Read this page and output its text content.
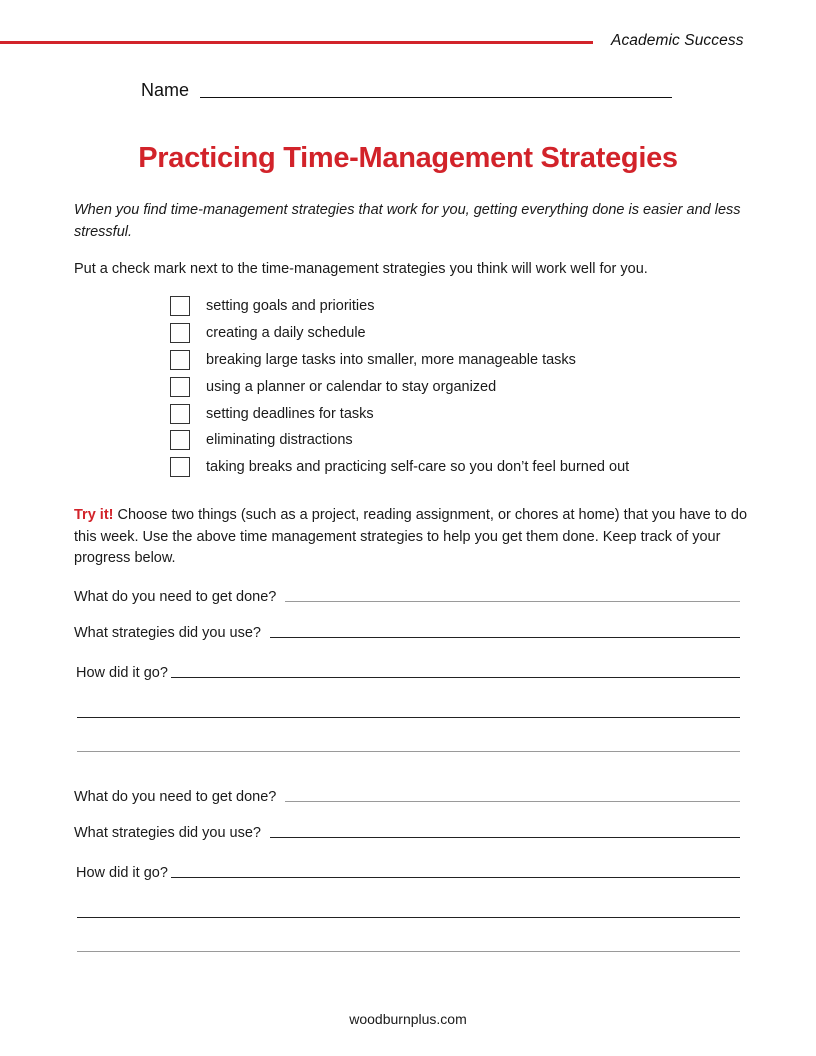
Academic Success
Name
Practicing Time-Management Strategies
When you find time-management strategies that work for you, getting everything done is easier and less stressful.
Put a check mark next to the time-management strategies you think will work well for you.
setting goals and priorities
creating a daily schedule
breaking large tasks into smaller, more manageable tasks
using a planner or calendar to stay organized
setting deadlines for tasks
eliminating distractions
taking breaks and practicing self-care so you don’t feel burned out
Try it! Choose two things (such as a project, reading assignment, or chores at home) that you have to do this week. Use the above time management strategies to help you get them done. Keep track of your progress below.
What do you need to get done?
What strategies did you use?
How did it go?
What do you need to get done?
What strategies did you use?
How did it go?
woodburnplus.com
